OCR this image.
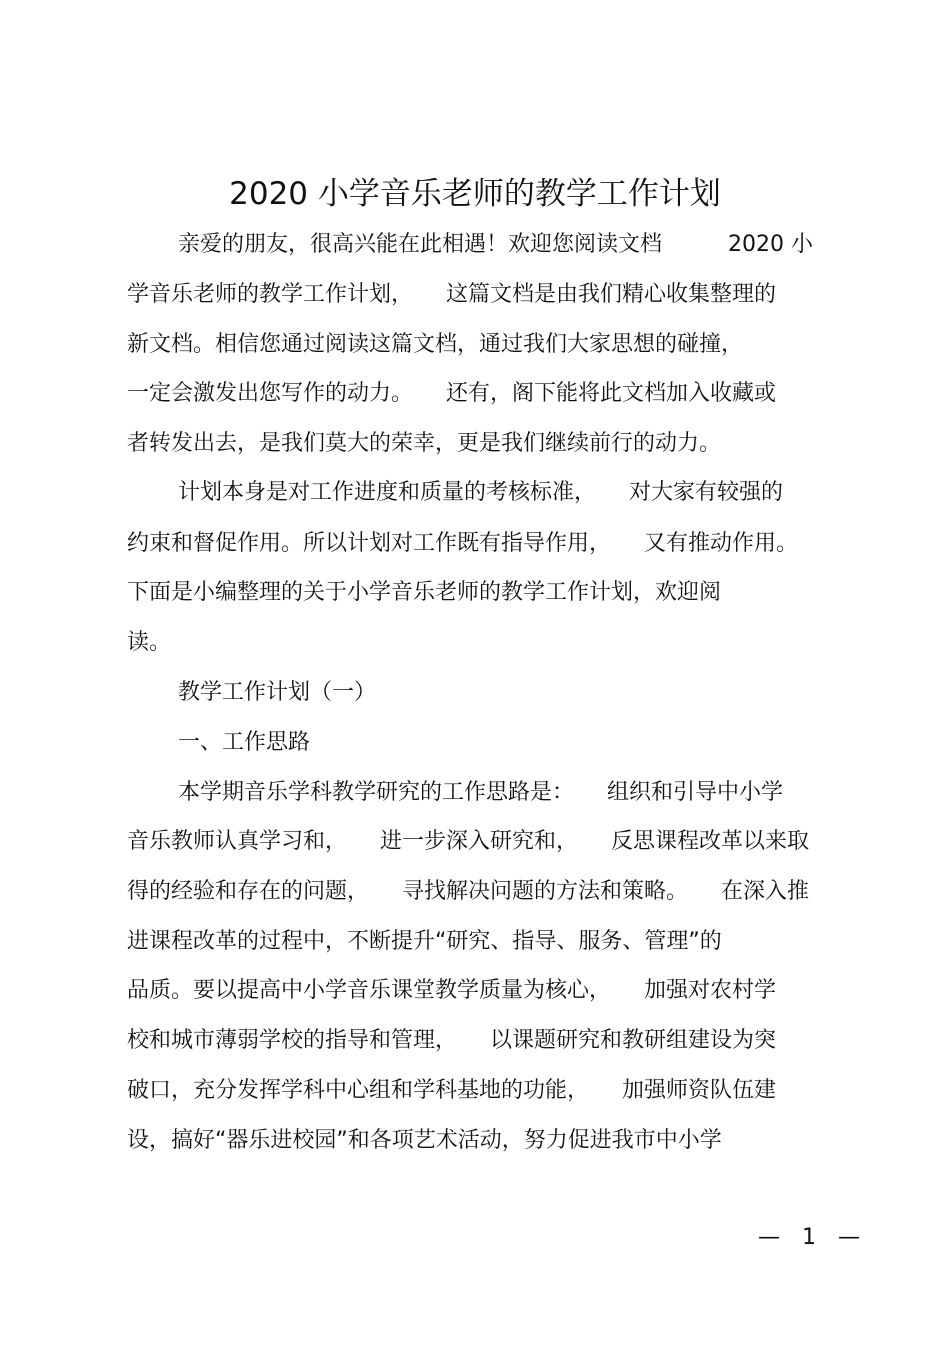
2020 小学音乐老师的教学工作计划

亲爱的朋友，很高兴能在此相遇！欢迎您阅读文档　　　2020 小

学音乐老师的教学工作计划，　　这篇文档是由我们精心收集整理的

新文档。相信您通过阅读这篇文档，通过我们大家思想的碰撞，

一定会激发出您写作的动力。　　还有，阁下能将此文档加入收藏或

者转发出去，是我们莫大的荣幸，更是我们继续前行的动力。

计划本身是对工作进度和质量的考核标准，　　对大家有较强的

约束和督促作用。所以计划对工作既有指导作用，　　又有推动作用。

下面是小编整理的关于小学音乐老师的教学工作计划，欢迎阅

读。

教学工作计划（一）

一、工作思路

本学期音乐学科教学研究的工作思路是：　　组织和引导中小学

音乐教师认真学习和，　　进一步深入研究和，　　反思课程改革以来取

得的经验和存在的问题，　　寻找解决问题的方法和策略。　　在深入推

进课程改革的过程中，不断提升“研究、指导、服务、管理”的

品质。要以提高中小学音乐课堂教学质量为核心，　　加强对农村学

校和城市薄弱学校的指导和管理，　　以课题研究和教研组建设为突

破口，充分发挥学科中心组和学科基地的功能，　　加强师资队伍建

设，搞好“器乐进校园”和各项艺术活动，努力促进我市中小学

—　1　—
